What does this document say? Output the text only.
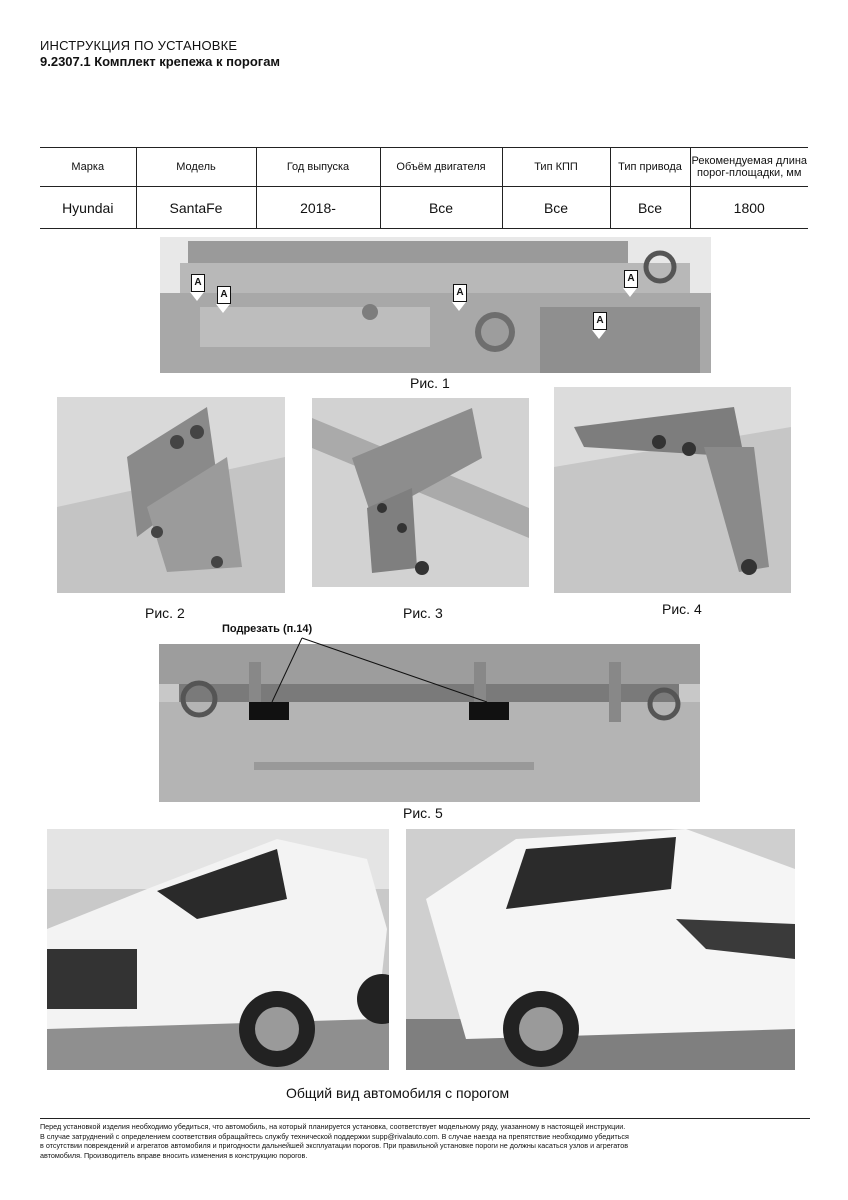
ИНСТРУКЦИЯ ПО УСТАНОВКЕ
9.2307.1 Комплект крепежа к порогам
Марка	Модель	Год выпуска	Объём двигателя	Тип КПП	Тип привода	Рекомендуемая длина порог-площадки, мм
Hyundai	SantaFe	2018-	Все	Все	Все	1800
A
A	A
A
A
Рис. 1
Рис. 2	Рис. 3	Рис. 4
Подрезать (п.14)
Рис. 5
Общий вид автомобиля с порогом
Перед установкой изделия необходимо убедиться, что автомобиль, на который планируется установка, соответствует модельному ряду, указанному в настоящей инструкции.
В случае затруднений с определением соответствия обращайтесь службу технической поддержки supp@rivalauto.com. В случае наезда на препятствие необходимо убедиться
в отсутствии повреждений и агрегатов автомобиля и пригодности дальнейшей эксплуатации порогов. При правильной установке пороги не должны касаться узлов и агрегатов
автомобиля. Производитель вправе вносить изменения в конструкцию порогов.
